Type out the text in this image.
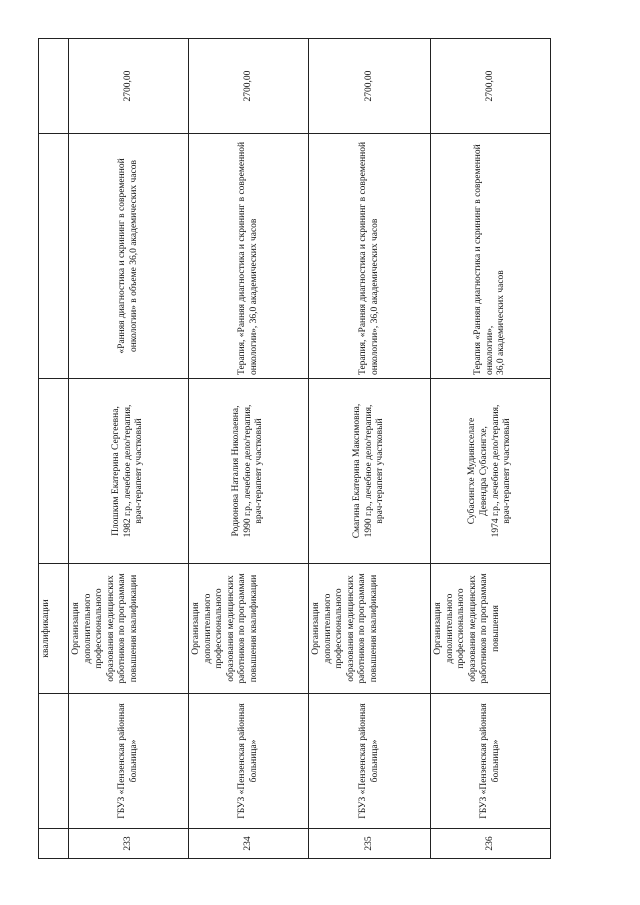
		квалификации			
233	ГБУЗ «Пензенская районная больница»	Организация дополнительного профессионального образования медицинских работников по программам повышения квалификации	Плошким Екатерина Сергеевна,
1982 г.р., лечебное дело/терапия,
врач-терапевт участковый	«Ранняя диагностика и скрининг в современной онкологии» в объеме 36,0 академических часов	2700,00
234	ГБУЗ «Пензенская районная больница»	Организация дополнительного профессионального образования медицинских работников по программам повышения квалификации	Родионова Наталия Николаевна,
1990 г.р., лечебное дело/терапия,
врач-терапевт участковый	Терапия, «Ранняя диагностика и скрининг в современной онкологии», 36,0 академических часов	2700,00
235	ГБУЗ «Пензенская районная больница»	Организация дополнительного профессионального образования медицинских работников по программам повышения квалификации	Смагина Екатерина Максимовна,
1990 г.р., лечебное дело/терапия,
врач-терапевт участковый	Терапия, «Ранняя диагностика и скрининг в современной онкологии», 36,0 академических часов	2700,00
236	ГБУЗ «Пензенская районная больница»	Организация дополнительного профессионального образования медицинских работников по программам повышения	Субасингхе Мудиянселаге
Девендра Субасингхе,
1974 г.р., лечебное дело/терапия,
врач-терапевт участковый	Терапия «Ранняя диагностика и скрининг в современной онкологии»,
36,0 академических часов	2700,00
